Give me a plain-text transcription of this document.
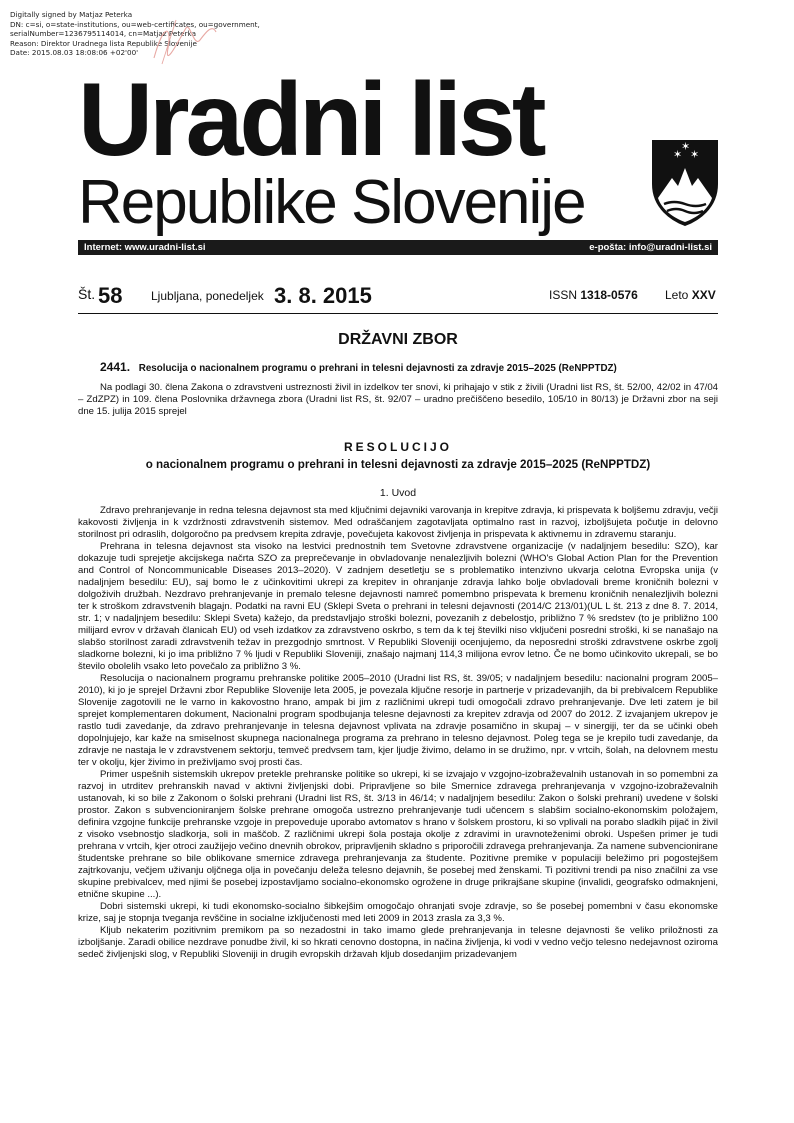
Digitally signed by Matjaz Peterka
DN: c=si, o=state-institutions, ou=web-certificates, ou=government,
serialNumber=1236795114014, cn=Matjaz Peterka
Reason: Direktor Uradnega lista Republike Slovenije
Date: 2015.08.03 18:08:06 +02'00'
Uradni list
Republike Slovenije
✶ ✶
✶
Internet: www.uradni-list.si	e-pošta: info@uradni-list.si
Št. 58 Ljubljana, ponedeljek 3. 8. 2015	ISSN 1318-0576 Leto XXV
DRŽAVNI ZBOR
2441. Resolucija o nacionalnem programu o prehrani in telesni dejavnosti za zdravje 2015–2025 (ReNPPTDZ)
Na podlagi 30. člena Zakona o zdravstveni ustreznosti živil in izdelkov ter snovi, ki prihajajo v stik z živili (Uradni list RS, št. 52/00, 42/02 in 47/04 – ZdZPZ) in 109. člena Poslovnika državnega zbora (Uradni list RS, št. 92/07 – uradno prečiščeno besedilo, 105/10 in 80/13) je Državni zbor na seji dne 15. julija 2015 sprejel
RESOLUCIJO
o nacionalnem programu o prehrani in telesni dejavnosti za zdravje 2015–2025 (ReNPPTDZ)
1. Uvod

Zdravo prehranjevanje in redna telesna dejavnost sta med ključnimi dejavniki varovanja in krepitve zdravja, ki prispevata k boljšemu zdravju, večji kakovosti življenja in k vzdržnosti zdravstvenih sistemov. Med odraščanjem zagotavljata optimalno rast in razvoj, izboljšujeta počutje in delovno storilnost pri odraslih, dolgoročno pa predvsem krepita zdravje, povečujeta kakovost življenja in prispevata k aktivnemu in zdravemu staranju.

Prehrana in telesna dejavnost sta visoko na lestvici prednostnih tem Svetovne zdravstvene organizacije (v nadaljnjem besedilu: SZO), kar dokazuje tudi sprejetje akcijskega načrta SZO za preprečevanje in obvladovanje nenalezljivih bolezni (WHO's Global Action Plan for the Prevention and Control of Noncommunicable Diseases 2013–2020). V zadnjem desetletju se s problematiko intenzivno ukvarja celotna Evropska unija (v nadaljnjem besedilu: EU), saj bomo le z učinkovitimi ukrepi za krepitev in ohranjanje zdravja lahko bolje obvladovali breme kroničnih bolezni v dolgoživih družbah. Nezdravo prehranjevanje in premalo telesne dejavnosti namreč pomembno prispevata k bremenu kroničnih nenalezljivih bolezni ter k stroškom zdravstvenih blagajn. Podatki na ravni EU (Sklepi Sveta o prehrani in telesni dejavnosti (2014/C 213/01)(UL L št. 213 z dne 8. 7. 2014, str. 1; v nadaljnjem besedilu: Sklepi Sveta) kažejo, da predstavljajo stroški bolezni, povezanih z debelostjo, približno 7 % sredstev (to je približno 100 milijard evrov v državah članicah EU) od vseh izdatkov za zdravstveno oskrbo, s tem da k tej številki niso vključeni posredni stroški, ki se nanašajo na slabšo storilnost zaradi zdravstvenih težav in prezgodnjo smrtnost. V Republiki Sloveniji ocenjujemo, da neposredni stroški zdravstvene oskrbe zgolj sladkorne bolezni, ki jo ima približno 7 % ljudi v Republiki Sloveniji, znašajo najmanj 114,3 milijona evrov letno. Če ne bomo učinkovito ukrepali, se bo število obolelih vsako leto povečalo za približno 3 %.

Resolucija o nacionalnem programu prehranske politike 2005–2010 (Uradni list RS, št. 39/05; v nadaljnjem besedilu: nacionalni program 2005–2010), ki jo je sprejel Državni zbor Republike Slovenije leta 2005, je povezala ključne resorje in partnerje v prizadevanjih, da bi prebivalcem Republike Slovenije zagotovili ne le varno in kakovostno hrano, ampak bi jim z različnimi ukrepi tudi omogočali zdravo prehranjevanje. Dve leti zatem je bil sprejet komplementaren dokument, Nacionalni program spodbujanja telesne dejavnosti za krepitev zdravja od 2007 do 2012. Z izvajanjem ukrepov je rastlo tudi zavedanje, da zdravo prehranjevanje in telesna dejavnost vplivata na zdravje posamično in skupaj – v sinergiji, ter da se učinki obeh dopolnjujejo, kar kaže na smiselnost skupnega nacionalnega programa za prehrano in telesno dejavnost. Poleg tega se je krepilo tudi zavedanje, da zdravje ne nastaja le v zdravstvenem sektorju, temveč predvsem tam, kjer ljudje živimo, delamo in se družimo, npr. v vrtcih, šolah, na delovnem mestu ter v okolju, kjer živimo in preživljamo svoj prosti čas.

Primer uspešnih sistemskih ukrepov pretekle prehranske politike so ukrepi, ki se izvajajo v vzgojno-izobraževalnih ustanovah in so pomembni za razvoj in utrditev prehranskih navad v aktivni življenjski dobi. Pripravljene so bile Smernice zdravega prehranjevanja v vzgojno-izobraževalnih ustanovah, ki so bile z Zakonom o šolski prehrani (Uradni list RS, št. 3/13 in 46/14; v nadaljnjem besedilu: Zakon o šolski prehrani) uvedene v šolski prostor. Zakon s subvencioniranjem šolske prehrane omogoča ustrezno prehranjevanje tudi učencem s slabšim socialno-ekonomskim položajem, definira vzgojne funkcije prehranske vzgoje in prepoveduje uporabo avtomatov s hrano v šolskem prostoru, ki so vplivali na porabo sladkih pijač in živil z visoko vsebnostjo sladkorja, soli in maščob. Z različnimi ukrepi šola postaja okolje z zdravimi in uravnoteženimi obroki. Uspešen primer je tudi prehrana v vrtcih, kjer otroci zaužijejo večino dnevnih obrokov, pripravljenih skladno s priporočili zdravega prehranjevanja. Za namene subvencionirane študentske prehrane so bile oblikovane smernice zdravega prehranjevanja za študente. Pozitivne premike v populaciji beležimo pri pogostejšem zajtrkovanju, večjem uživanju oljčnega olja in povečanju deleža telesno dejavnih, še posebej med ženskami. Ti pozitivni trendi pa niso značilni za vse skupine prebivalcev, med njimi še posebej izpostavljamo socialno-ekonomsko ogrožene in druge prikrajšane skupine (invalidi, geografsko odmaknjeni, etnične skupine ...).

Dobri sistemski ukrepi, ki tudi ekonomsko-socialno šibkejšim omogočajo ohranjati svoje zdravje, so še posebej pomembni v času ekonomske krize, saj je stopnja tveganja revščine in socialne izključenosti med leti 2009 in 2013 zrasla za 3,3 %.

Kljub nekaterim pozitivnim premikom pa so nezadostni in tako imamo glede prehranjevanja in telesne dejavnosti še veliko priložnosti za izboljšanje. Zaradi obilice nezdrave ponudbe živil, ki so hkrati cenovno dostopna, in načina življenja, ki vodi v vedno večjo telesno nedejavnost oziroma sedeč življenjski slog, v Republiki Sloveniji in drugih evropskih državah kljub dosedanjim prizadevanjem
